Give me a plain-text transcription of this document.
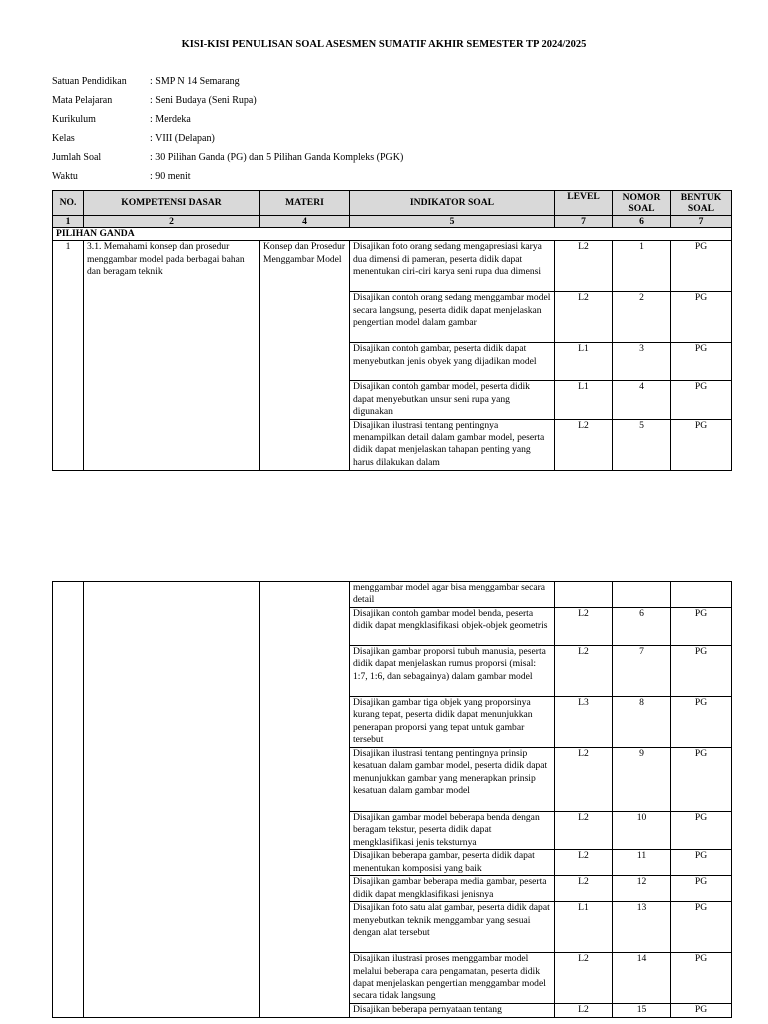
KISI-KISI PENULISAN SOAL ASESMEN SUMATIF AKHIR SEMESTER TP 2024/2025
Satuan Pendidikan	: SMP N 14 Semarang
Mata Pelajaran	: Seni Budaya (Seni Rupa)
Kurikulum	: Merdeka
Kelas	: VIII (Delapan)
Jumlah Soal	: 30 Pilihan Ganda (PG) dan 5 Pilihan Ganda Kompleks (PGK)
Waktu	: 90 menit
NO.	KOMPETENSI DASAR	MATERI	INDIKATOR SOAL	LEVEL	NOMOR SOAL	BENTUK SOAL
1	2	4	5	7	6	7
PILIHAN GANDA						
1	3.1. Memahami konsep dan prosedur menggambar model pada berbagai bahan dan beragam teknik	Konsep dan Prosedur Menggambar Model	Disajikan foto orang sedang mengapresiasi karya dua dimensi di pameran, peserta didik dapat menentukan ciri-ciri karya seni rupa dua dimensi	L2	1	PG
			Disajikan contoh orang sedang menggambar model secara langsung, peserta didik dapat menjelaskan pengertian model dalam gambar	L2	2	PG
			Disajikan contoh gambar, peserta didik dapat menyebutkan jenis obyek yang dijadikan model	L1	3	PG
			Disajikan contoh gambar model, peserta didik dapat menyebutkan unsur seni rupa yang digunakan	L1	4	PG
			Disajikan ilustrasi tentang pentingnya menampilkan detail dalam gambar model, peserta didik dapat menjelaskan tahapan penting yang harus dilakukan dalam	L2	5	PG
			menggambar model agar bisa menggambar secara detail			
			Disajikan contoh gambar model benda, peserta didik dapat mengklasifikasi objek-objek geometris	L2	6	PG
			Disajikan gambar proporsi tubuh manusia, peserta didik dapat menjelaskan rumus proporsi (misal: 1:7, 1:6, dan sebagainya) dalam gambar model	L2	7	PG
			Disajikan gambar tiga objek yang proporsinya kurang tepat, peserta didik dapat menunjukkan penerapan proporsi yang tepat untuk gambar tersebut	L3	8	PG
			Disajikan ilustrasi tentang pentingnya prinsip kesatuan dalam gambar model, peserta didik dapat menunjukkan gambar yang menerapkan prinsip kesatuan dalam gambar model	L2	9	PG
			Disajikan gambar model beberapa benda dengan beragam tekstur, peserta didik dapat mengklasifikasi jenis teksturnya	L2	10	PG
			Disajikan beberapa gambar, peserta didik dapat menentukan komposisi yang baik	L2	11	PG
			Disajikan gambar beberapa media gambar, peserta didik dapat mengklasifikasi jenisnya	L2	12	PG
			Disajikan foto satu alat gambar, peserta didik dapat menyebutkan teknik menggambar yang sesuai dengan alat tersebut	L1	13	PG
			Disajikan ilustrasi proses menggambar model melalui beberapa cara pengamatan, peserta didik dapat menjelaskan pengertian menggambar model secara tidak langsung	L2	14	PG
			Disajikan beberapa pernyataan tentang	L2	15	PG
